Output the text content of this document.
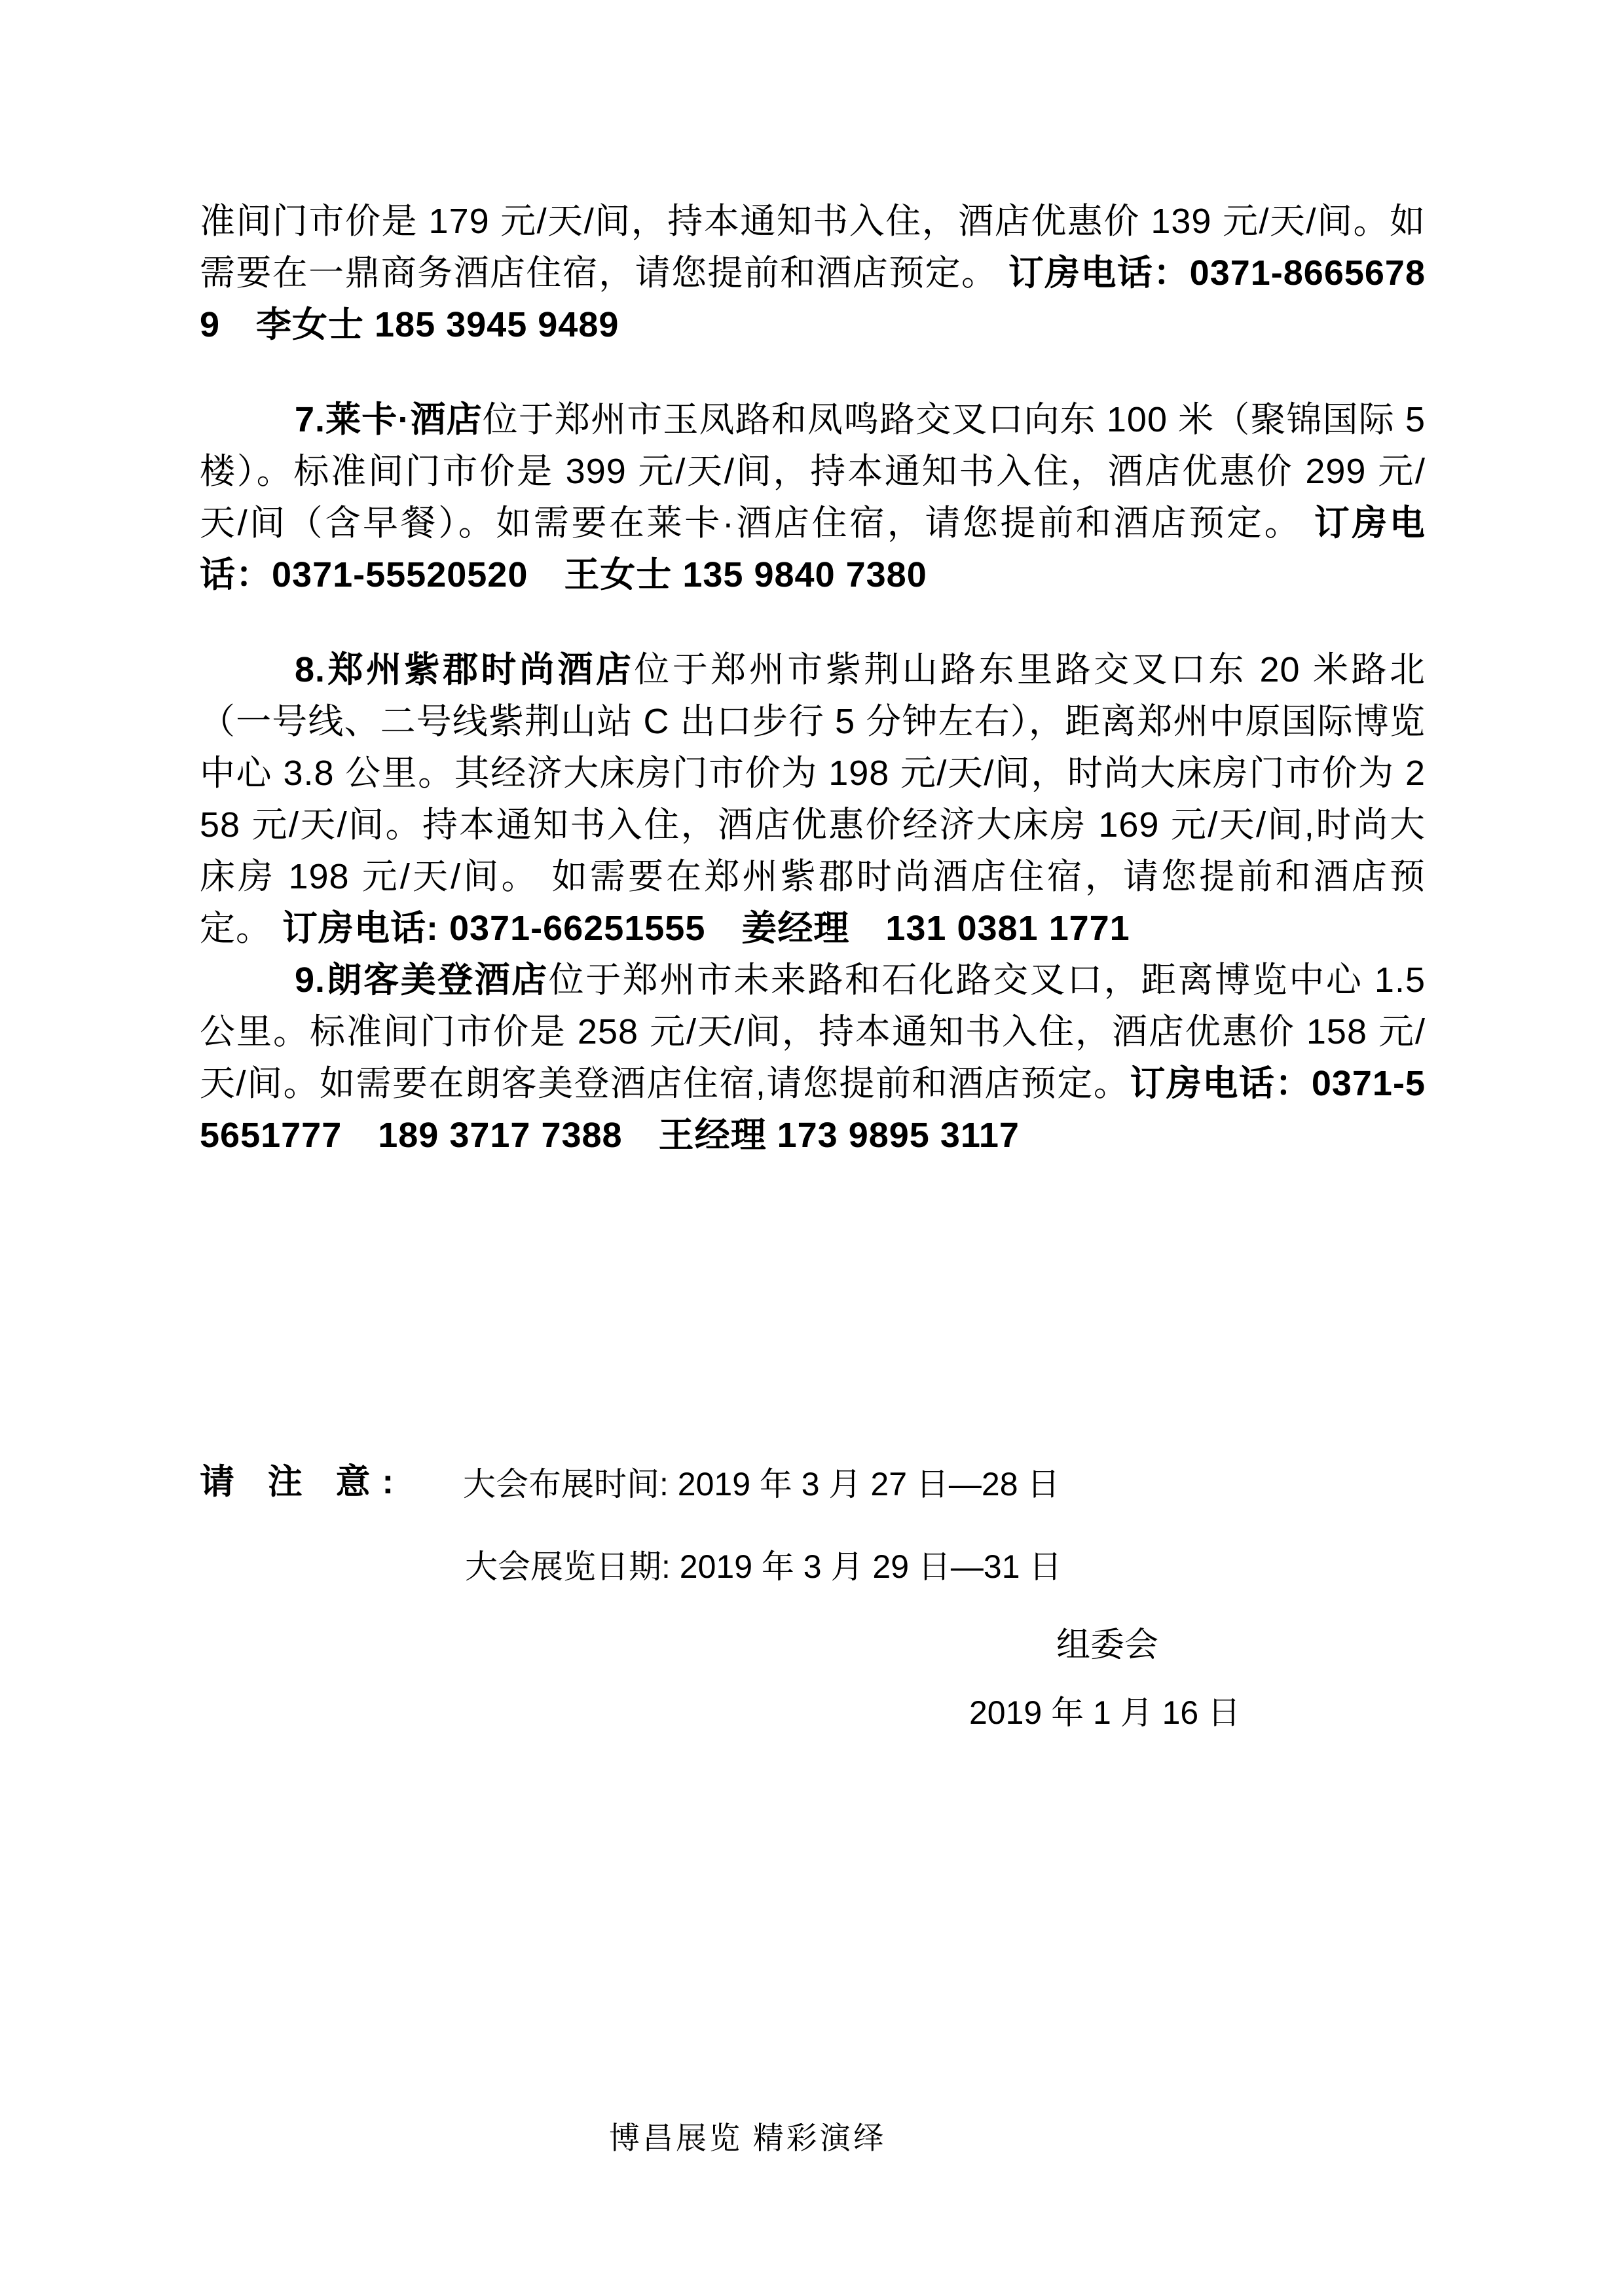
准间门市价是 179 元/天/间，持本通知书入住，酒店优惠价 139 元/天/间。如需要在一鼎商务酒店住宿，请您提前和酒店预定。 订房电话：0371-86656789　李女士 185 3945 9489

7.莱卡·酒店位于郑州市玉凤路和凤鸣路交叉口向东 100 米（聚锦国际 5 楼）。标准间门市价是 399 元/天/间，持本通知书入住，酒店优惠价 299 元/天/间（含早餐）。如需要在莱卡·酒店住宿，请您提前和酒店预定。 订房电话：0371-55520520　王女士 135 9840 7380

8.郑州紫郡时尚酒店位于郑州市紫荆山路东里路交叉口东 20 米路北（一号线、二号线紫荆山站 C 出口步行 5 分钟左右），距离郑州中原国际博览中心 3.8 公里。其经济大床房门市价为 198 元/天/间，时尚大床房门市价为 258 元/天/间。持本通知书入住，酒店优惠价经济大床房 169 元/天/间,时尚大床房 198 元/天/间。 如需要在郑州紫郡时尚酒店住宿，请您提前和酒店预定。 订房电话: 0371-66251555　姜经理　131 0381 1771

9.朗客美登酒店位于郑州市未来路和石化路交叉口，距离博览中心 1.5 公里。标准间门市价是 258 元/天/间，持本通知书入住，酒店优惠价 158 元/天/间。如需要在朗客美登酒店住宿,请您提前和酒店预定。订房电话：0371-55651777　189 3717 7388　王经理 173 9895 3117

请 注 意: 大会布展时间: 2019 年 3 月 27 日—28 日
大会展览日期: 2019 年 3 月 29 日—31 日
组委会
2019 年 1 月 16 日
博昌展览 精彩演绎
